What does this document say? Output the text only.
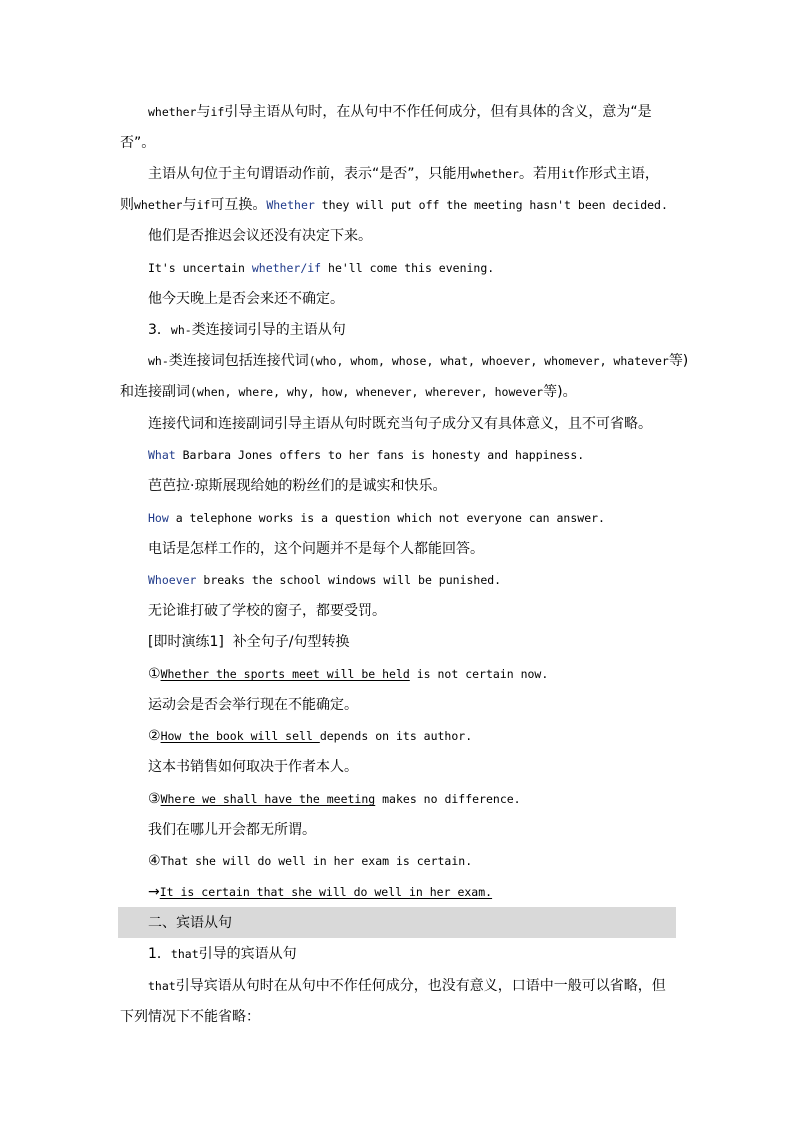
whether与if引导主语从句时，在从句中不作任何成分，但有具体的含义，意为“是
否”。
主语从句位于主句谓语动作前，表示“是否”，只能用whether。若用it作形式主语，
则whether与if可互换。Whether they will put off the meeting hasn't been decided.
他们是否推迟会议还没有决定下来。
It's uncertain whether/if he'll come this evening.
他今天晚上是否会来还不确定。
3．wh-类连接词引导的主语从句
wh-类连接词包括连接代词(who, whom, whose, what, whoever, whomever, whatever等)
和连接副词(when, where, why, how, whenever, wherever, however等)。
连接代词和连接副词引导主语从句时既充当句子成分又有具体意义，且不可省略。
What Barbara Jones offers to her fans is honesty and happiness.
芭芭拉·琼斯展现给她的粉丝们的是诚实和快乐。
How a telephone works is a question which not everyone can answer.
电话是怎样工作的，这个问题并不是每个人都能回答。
Whoever breaks the school windows will be punished.
无论谁打破了学校的窗子，都要受罚。
[即时演练1] 补全句子/句型转换
①Whether the sports meet will be held is not certain now.
运动会是否会举行现在不能确定。
②How the book will sell depends on its author.
这本书销售如何取决于作者本人。
③Where we shall have the meeting makes no difference.
我们在哪儿开会都无所谓。
④That she will do well in her exam is certain.
→It is certain that she will do well in her exam.
二、宾语从句
1．that引导的宾语从句
that引导宾语从句时在从句中不作任何成分，也没有意义，口语中一般可以省略，但
下列情况下不能省略：
